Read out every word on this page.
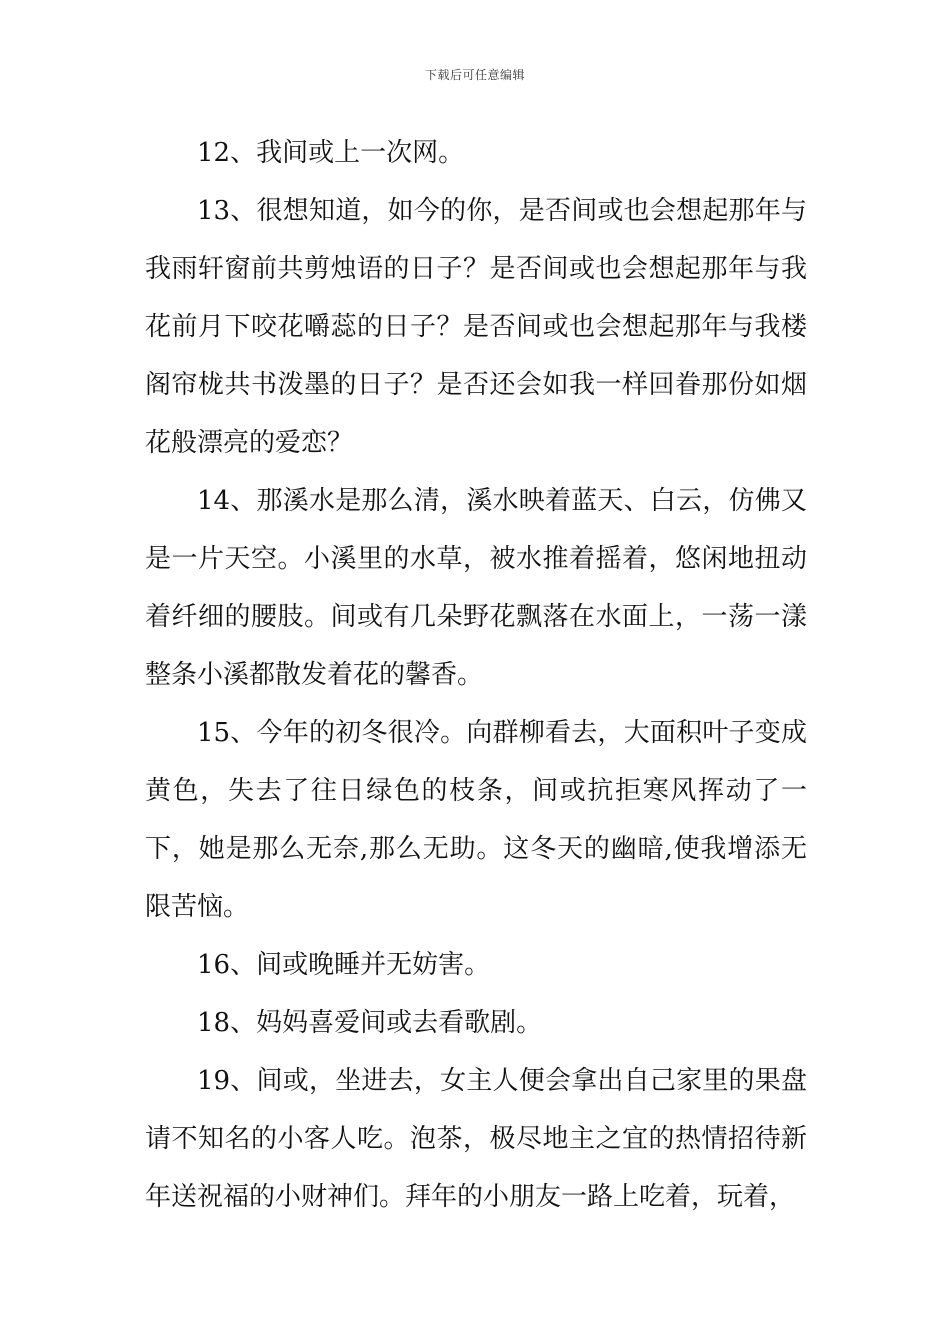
下载后可任意编辑

12、我间或上一次网。

13、很想知道，如今的你，是否间或也会想起那年与我雨轩窗前共剪烛语的日子？是否间或也会想起那年与我花前月下咬花嚼蕊的日子？是否间或也会想起那年与我楼阁帘栊共书泼墨的日子？是否还会如我一样回眷那份如烟花般漂亮的爱恋？

14、那溪水是那么清，溪水映着蓝天、白云，仿佛又是一片天空。小溪里的水草，被水推着摇着，悠闲地扭动着纤细的腰肢。间或有几朵野花飘落在水面上，一荡一漾整条小溪都散发着花的馨香。

15、今年的初冬很冷。向群柳看去，大面积叶子变成黄色，失去了往日绿色的枝条，间或抗拒寒风挥动了一下，她是那么无奈,那么无助。这冬天的幽暗,使我增添无限苦恼。

16、间或晚睡并无妨害。

18、妈妈喜爱间或去看歌剧。

19、间或，坐进去，女主人便会拿出自己家里的果盘请不知名的小客人吃。泡茶，极尽地主之宜的热情招待新年送祝福的小财神们。拜年的小朋友一路上吃着，玩着，
